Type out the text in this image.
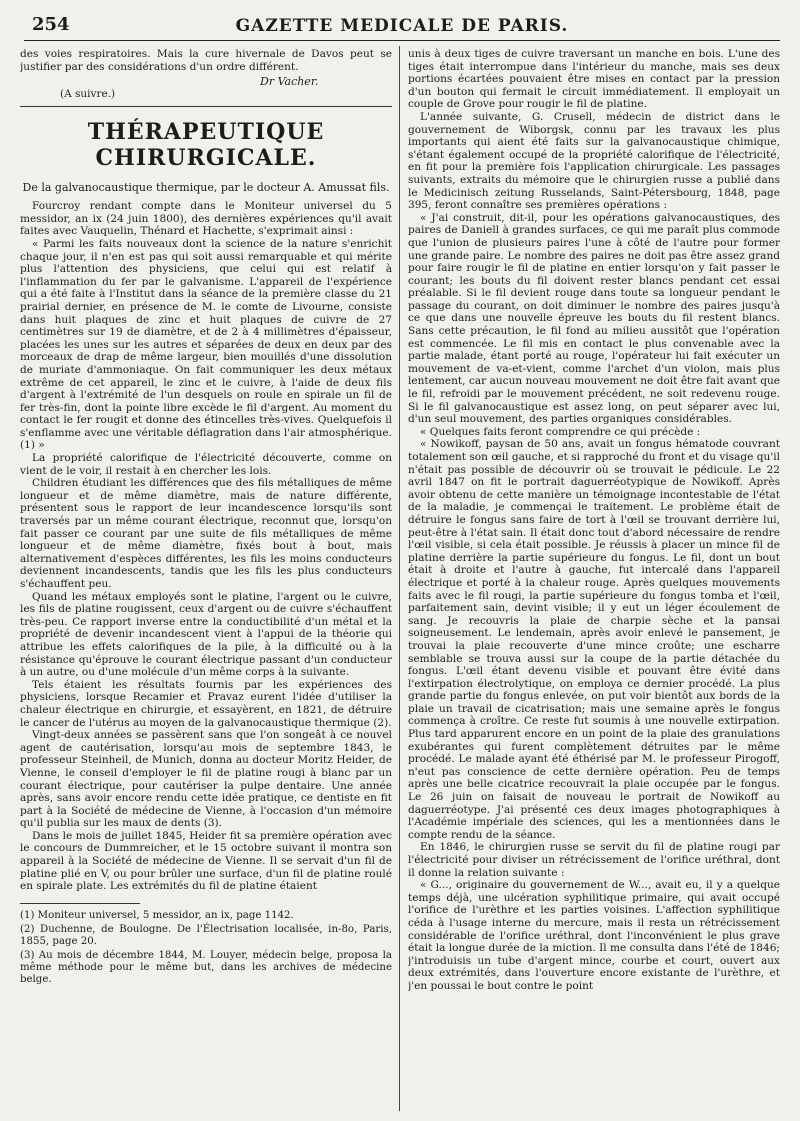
254	GAZETTE MEDICALE DE PARIS.

des voies respiratoires. Mais la cure hivernale de Davos peut se justifier par des considérations d'un ordre différent.

Dr Vacher.
(A suivre.)
THÉRAPEUTIQUE CHIRURGICALE.
De la galvanocaustique thermique, par le docteur A. Amussat fils.

Fourcroy rendant compte dans le Moniteur universel du 5 messidor, an ix (24 juin 1800), des dernières expériences qu'il avait faites avec Vauquelin, Thénard et Hachette, s'exprimait ainsi :

« Parmi les faits nouveaux dont la science de la nature s'enrichit chaque jour, il n'en est pas qui soit aussi remarquable et qui mérite plus l'attention des physiciens, que celui qui est relatif à l'inflammation du fer par le galvanisme. L'appareil de l'expérience qui a été faite à l'Institut dans la séance de la première classe du 21 prairial dernier, en présence de M. le comte de Livourne, consiste dans huit plaques de zinc et huit plaques de cuivre de 27 centimètres sur 19 de diamètre, et de 2 à 4 millimètres d'épaisseur, placées les unes sur les autres et séparées de deux en deux par des morceaux de drap de même largeur, bien mouillés d'une dissolution de muriate d'ammoniaque. On fait communiquer les deux métaux extrême de cet appareil, le zinc et le cuivre, à l'aide de deux fils d'argent à l'extrémité de l'un desquels on roule en spirale un fil de fer très-fin, dont la pointe libre excède le fil d'argent. Au moment du contact le fer rougit et donne des étincelles très-vives. Quelquefois il s'enflamme avec une véritable déflagration dans l'air atmosphérique. (1) »

La propriété calorifique de l'électricité découverte, comme on vient de le voir, il restait à en chercher les lois.

Children étudiant les différences que des fils métalliques de même longueur et de même diamètre, mais de nature différente, présentent sous le rapport de leur incandescence lorsqu'ils sont traversés par un même courant électrique, reconnut que, lorsqu'on fait passer ce courant par une suite de fils métalliques de même longueur et de même diamètre, fixés bout à bout, mais alternativement d'espèces différentes, les fils les moins conducteurs deviennent incandescents, tandis que les fils les plus conducteurs s'échauffent peu.

Quand les métaux employés sont le platine, l'argent ou le cuivre, les fils de platine rougissent, ceux d'argent ou de cuivre s'échauffent très-peu. Ce rapport inverse entre la conductibilité d'un métal et la propriété de devenir incandescent vient à l'appui de la théorie qui attribue les effets calorifiques de la pile, à la difficulté ou à la résistance qu'éprouve le courant électrique passant d'un conducteur à un autre, ou d'une molécule d'un même corps à la suivante.

Tels étaient les résultats fournis par les expériences des physiciens, lorsque Recamier et Pravaz eurent l'idée d'utiliser la chaleur électrique en chirurgie, et essayèrent, en 1821, de détruire le cancer de l'utérus au moyen de la galvanocaustique thermique (2).

Vingt-deux années se passèrent sans que l'on songeât à ce nouvel agent de cautérisation, lorsqu'au mois de septembre 1843, le professeur Steinheil, de Munich, donna au docteur Moritz Heider, de Vienne, le conseil d'employer le fil de platine rougi à blanc par un courant électrique, pour cautériser la pulpe dentaire. Une année après, sans avoir encore rendu cette idée pratique, ce dentiste en fit part à la Société de médecine de Vienne, à l'occasion d'un mémoire qu'il publia sur les maux de dents (3).

Dans le mois de juillet 1845, Heider fit sa première opération avec le concours de Dummreicher, et le 15 octobre suivant il montra son appareil à la Société de médecine de Vienne. Il se servait d'un fil de platine plié en V, ou pour brûler une surface, d'un fil de platine roulé en spirale plate. Les extrémités du fil de platine étaient

(1) Moniteur universel, 5 messidor, an ix, page 1142.

(2) Duchenne, de Boulogne. De l'Électrisation localisée, in-8o, Paris, 1855, page 20.

(3) Au mois de décembre 1844, M. Louyer, médecin belge, proposa la même méthode pour le même but, dans les archives de médecine belge.

unis à deux tiges de cuivre traversant un manche en bois. L'une des tiges était interrompue dans l'intérieur du manche, mais ses deux portions écartées pouvaient être mises en contact par la pression d'un bouton qui fermait le circuit immédiatement. Il employait un couple de Grove pour rougir le fil de platine.

L'année suivante, G. Crusell, médecin de district dans le gouvernement de Wiborgsk, connu par les travaux les plus importants qui aient été faits sur la galvanocaustique chimique, s'étant également occupé de la propriété calorifique de l'électricité, en fit pour la première fois l'application chirurgicale. Les passages suivants, extraits du mémoire que le chirurgien russe a publié dans le Medicinisch zeitung Russelands, Saint-Pétersbourg, 1848, page 395, feront connaître ses premières opérations :

« J'ai construit, dit-il, pour les opérations galvanocaustiques, des paires de Daniell à grandes surfaces, ce qui me paraît plus commode que l'union de plusieurs paires l'une à côté de l'autre pour former une grande paire. Le nombre des paires ne doit pas être assez grand pour faire rougir le fil de platine en entier lorsqu'on y fait passer le courant; les bouts du fil doivent rester blancs pendant cet essai préalable. Si le fil devient rouge dans toute sa longueur pendant le passage du courant, on doit diminuer le nombre des paires jusqu'à ce que dans une nouvelle épreuve les bouts du fil restent blancs. Sans cette précaution, le fil fond au milieu aussitôt que l'opération est commencée. Le fil mis en contact le plus convenable avec la partie malade, étant porté au rouge, l'opérateur lui fait exécuter un mouvement de va-et-vient, comme l'archet d'un violon, mais plus lentement, car aucun nouveau mouvement ne doit être fait avant que le fil, refroidi par le mouvement précédent, ne soit redevenu rouge. Si le fil galvanocaustique est assez long, on peut séparer avec lui, d'un seul mouvement, des parties organiques considérables.

« Quelques faits feront comprendre ce qui précède :

« Nowikoff, paysan de 50 ans, avait un fongus hématode couvrant totalement son œil gauche, et si rapproché du front et du visage qu'il n'était pas possible de découvrir où se trouvait le pédicule. Le 22 avril 1847 on fit le portrait daguerréotypique de Nowikoff. Après avoir obtenu de cette manière un témoignage incontestable de l'état de la maladie, je commençai le traitement. Le problème était de détruire le fongus sans faire de tort à l'œil se trouvant derrière lui, peut-être à l'état sain. Il était donc tout d'abord nécessaire de rendre l'œil visible, si cela était possible. Je réussis à placer un mince fil de platine derrière la partie supérieure du fongus. Le fil, dont un bout était à droite et l'autre à gauche, fut intercalé dans l'appareil électrique et porté à la chaleur rouge. Après quelques mouvements faits avec le fil rougi, la partie supérieure du fongus tomba et l'œil, parfaitement sain, devint visible; il y eut un léger écoulement de sang. Je recouvris la plaie de charpie sèche et la pansai soigneusement. Le lendemain, après avoir enlevé le pansement, je trouvai la plaie recouverte d'une mince croûte; une escharre semblable se trouva aussi sur la coupe de la partie détachée du fongus. L'œil étant devenu visible et pouvant être évité dans l'extirpation électrolytique, on employa ce dernier procédé. La plus grande partie du fongus enlevée, on put voir bientôt aux bords de la plaie un travail de cicatrisation; mais une semaine après le fongus commença à croître. Ce reste fut soumis à une nouvelle extirpation. Plus tard apparurent encore en un point de la plaie des granulations exubérantes qui furent complètement détruites par le même procédé. Le malade ayant été éthérisé par M. le professeur Pirogoff, n'eut pas conscience de cette dernière opération. Peu de temps après une belle cicatrice recouvrait la plaie occupée par le fongus. Le 26 juin on faisait de nouveau le portrait de Nowikoff au daguerréotype. J'ai présenté ces deux images photographiques à l'Académie impériale des sciences, qui les a mentionnées dans le compte rendu de la séance.

En 1846, le chirurgien russe se servit du fil de platine rougi par l'électricité pour diviser un rétrécissement de l'orifice uréthral, dont il donne la relation suivante :

« G..., originaire du gouvernement de W..., avait eu, il y a quelque temps déjà, une ulcération syphilitique primaire, qui avait occupé l'orifice de l'urèthre et les parties voisines. L'affection syphilitique céda à l'usage interne du mercure, mais il resta un rétrécissement considérable de l'orifice uréthral, dont l'inconvénient le plus grave était la longue durée de la miction. Il me consulta dans l'été de 1846; j'introduisis un tube d'argent mince, courbe et court, ouvert aux deux extrémités, dans l'ouverture encore existante de l'urèthre, et j'en poussai le bout contre le point
